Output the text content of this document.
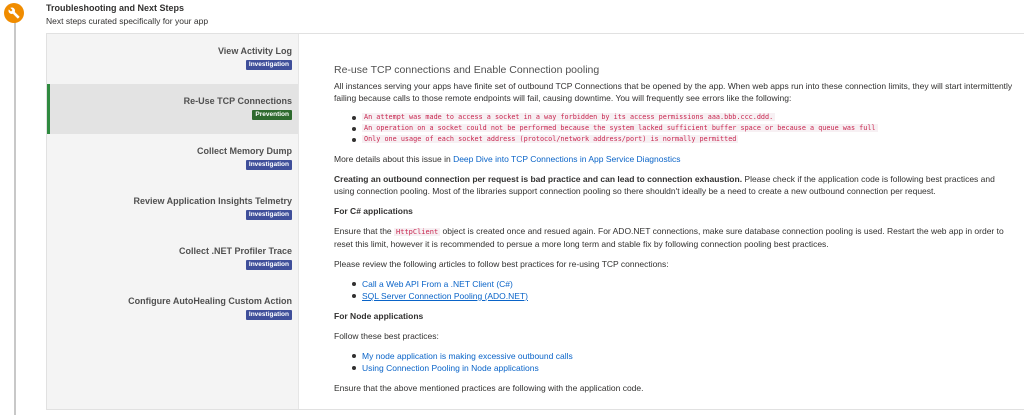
Troubleshooting and Next Steps
Next steps curated specifically for your app
View Activity Log
Investigation
Re-Use TCP Connections
Prevention
Collect Memory Dump
Investigation
Review Application Insights Telmetry
Investigation
Collect .NET Profiler Trace
Investigation
Configure AutoHealing Custom Action
Investigation
Re-use TCP connections and Enable Connection pooling

All instances serving your apps have finite set of outbound TCP Connections that be opened by the app. When web apps run into these connection limits, they will start intermittently failing because calls to those remote endpoints will fail, causing downtime. You will frequently see errors like the following:

An attempt was made to access a socket in a way forbidden by its access permissions aaa.bbb.ccc.ddd.
An operation on a socket could not be performed because the system lacked sufficient buffer space or because a queue was full
Only one usage of each socket address (protocol/network address/port) is normally permitted

More details about this issue in Deep Dive into TCP Connections in App Service Diagnostics

Creating an outbound connection per request is bad practice and can lead to connection exhaustion. Please check if the application code is following best practices and using connection pooling. Most of the libraries support connection pooling so there shouldn't ideally be a need to create a new outbound connection per request.

For C# applications

Ensure that the HttpClient object is created once and resued again. For ADO.NET connections, make sure database connection pooling is used. Restart the web app in order to reset this limit, however it is recommended to persue a more long term and stable fix by following connection pooling best practices.

Please review the following articles to follow best practices for re-using TCP connections:

Call a Web API From a .NET Client (C#)
SQL Server Connection Pooling (ADO.NET)
For Node applications

Follow these best practices:

My node application is making excessive outbound calls
Using Connection Pooling in Node applications

Ensure that the above mentioned practices are following with the application code.
